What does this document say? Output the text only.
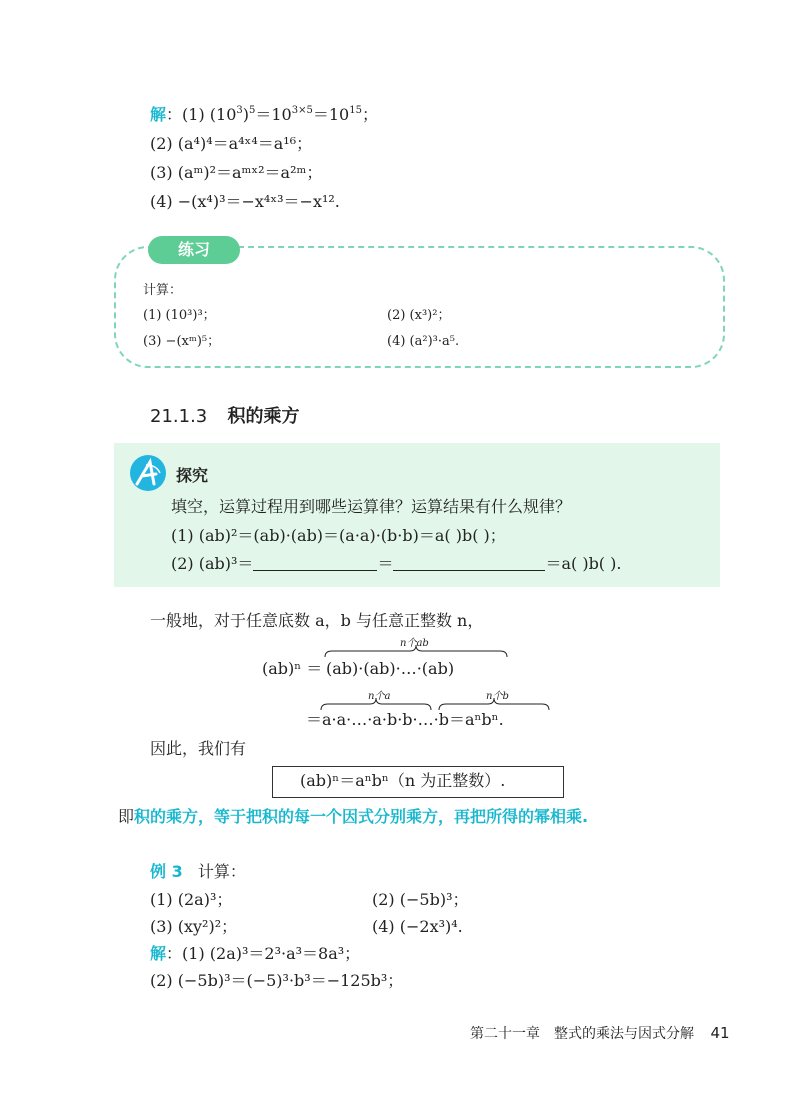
解：(1) $(10^3)^5=10^{3\times 5}=10^{15}$；
(2) (a⁴)⁴＝a⁴ˣ⁴＝a¹⁶；
(3) (aᵐ)²＝aᵐˣ²＝a²ᵐ；
(4) −(x⁴)³＝−x⁴ˣ³＝−x¹².
练习
计算：
(1) (10³)³；	(2) (x³)²；
(3) −(xᵐ)⁵；	(4) (a²)³·a⁵.
21.1.3 积的乘方
探究
填空，运算过程用到哪些运算律？运算结果有什么规律？
(1) (ab)²＝(ab)·(ab)＝(a·a)·(b·b)＝a( )b( )；
(2) (ab)³＝	＝	＝a( )b( ).
一般地，对于任意底数 a，b 与任意正整数 n，
n个ab
(ab)ⁿ ＝ (ab)·(ab)·…·(ab)
n个a	n个b
＝a·a·…·a·b·b·…·b＝aⁿbⁿ.
因此，我们有
(ab)ⁿ＝aⁿbⁿ（n 为正整数）.
即积的乘方，等于把积的每一个因式分别乘方，再把所得的幂相乘.
例 3 计算：
(1) (2a)³；	(2) (−5b)³；
(3) (xy²)²；	(4) (−2x³)⁴.
解：(1) (2a)³＝2³·a³＝8a³；
(2) (−5b)³＝(−5)³·b³＝−125b³；
第二十一章　整式的乘法与因式分解 41
